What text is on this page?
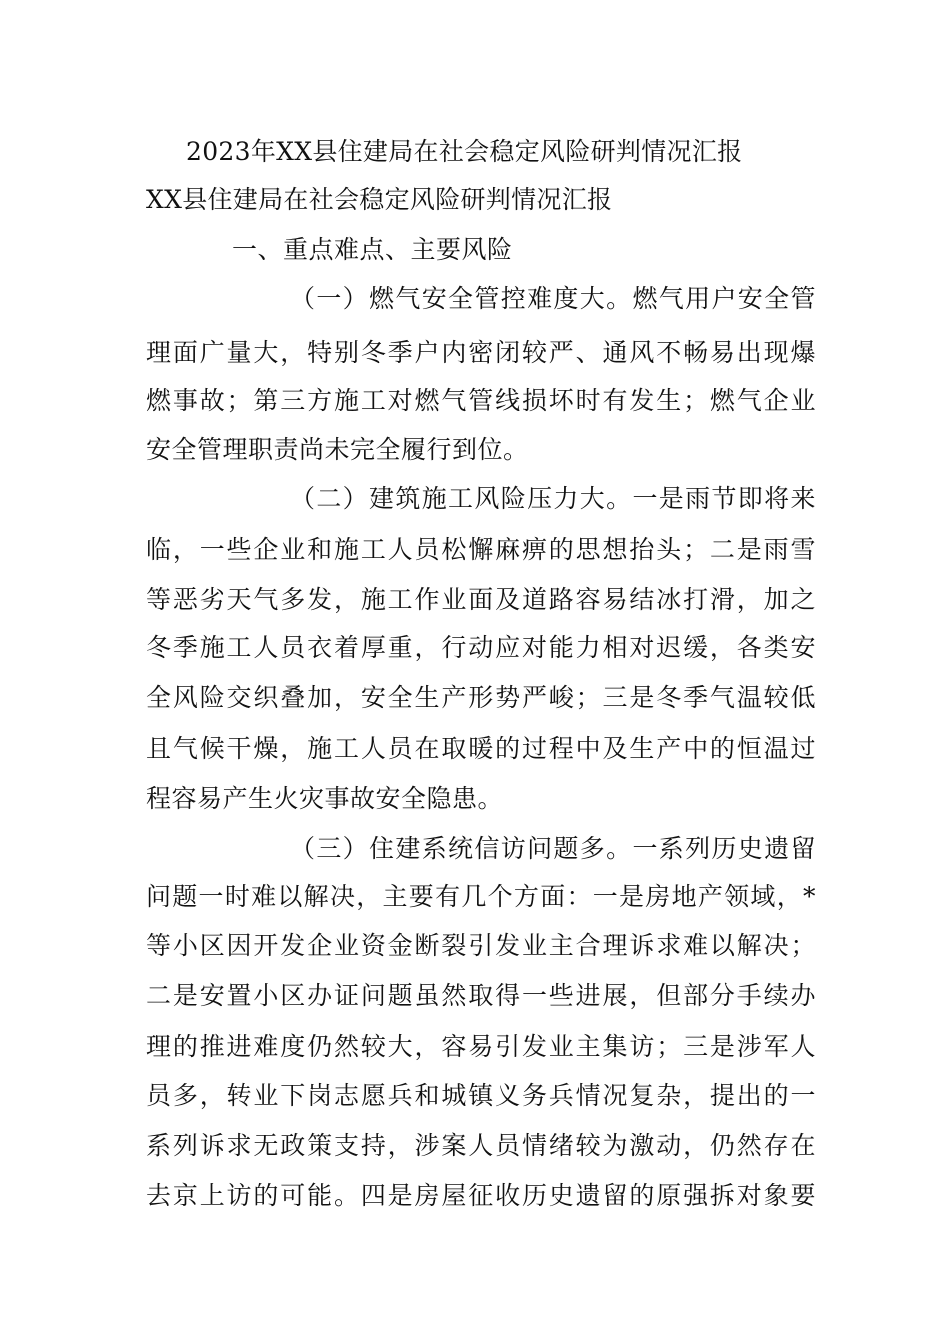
2023年XX县住建局在社会稳定风险研判情况汇报
XX县住建局在社会稳定风险研判情况汇报
一、重点难点、主要风险
（一）燃气安全管控难度大。燃气用户安全管
理面广量大，特别冬季户内密闭较严、通风不畅易出现爆
燃事故；第三方施工对燃气管线损坏时有发生；燃气企业
安全管理职责尚未完全履行到位。
（二）建筑施工风险压力大。一是雨节即将来
临，一些企业和施工人员松懈麻痹的思想抬头；二是雨雪
等恶劣天气多发，施工作业面及道路容易结冰打滑，加之
冬季施工人员衣着厚重，行动应对能力相对迟缓，各类安
全风险交织叠加，安全生产形势严峻；三是冬季气温较低
且气候干燥，施工人员在取暖的过程中及生产中的恒温过
程容易产生火灾事故安全隐患。
（三）住建系统信访问题多。一系列历史遗留
问题一时难以解决，主要有几个方面：一是房地产领域，*
等小区因开发企业资金断裂引发业主合理诉求难以解决；
二是安置小区办证问题虽然取得一些进展，但部分手续办
理的推进难度仍然较大，容易引发业主集访；三是涉军人
员多，转业下岗志愿兵和城镇义务兵情况复杂，提出的一
系列诉求无政策支持，涉案人员情绪较为激动，仍然存在
去京上访的可能。四是房屋征收历史遗留的原强拆对象要
